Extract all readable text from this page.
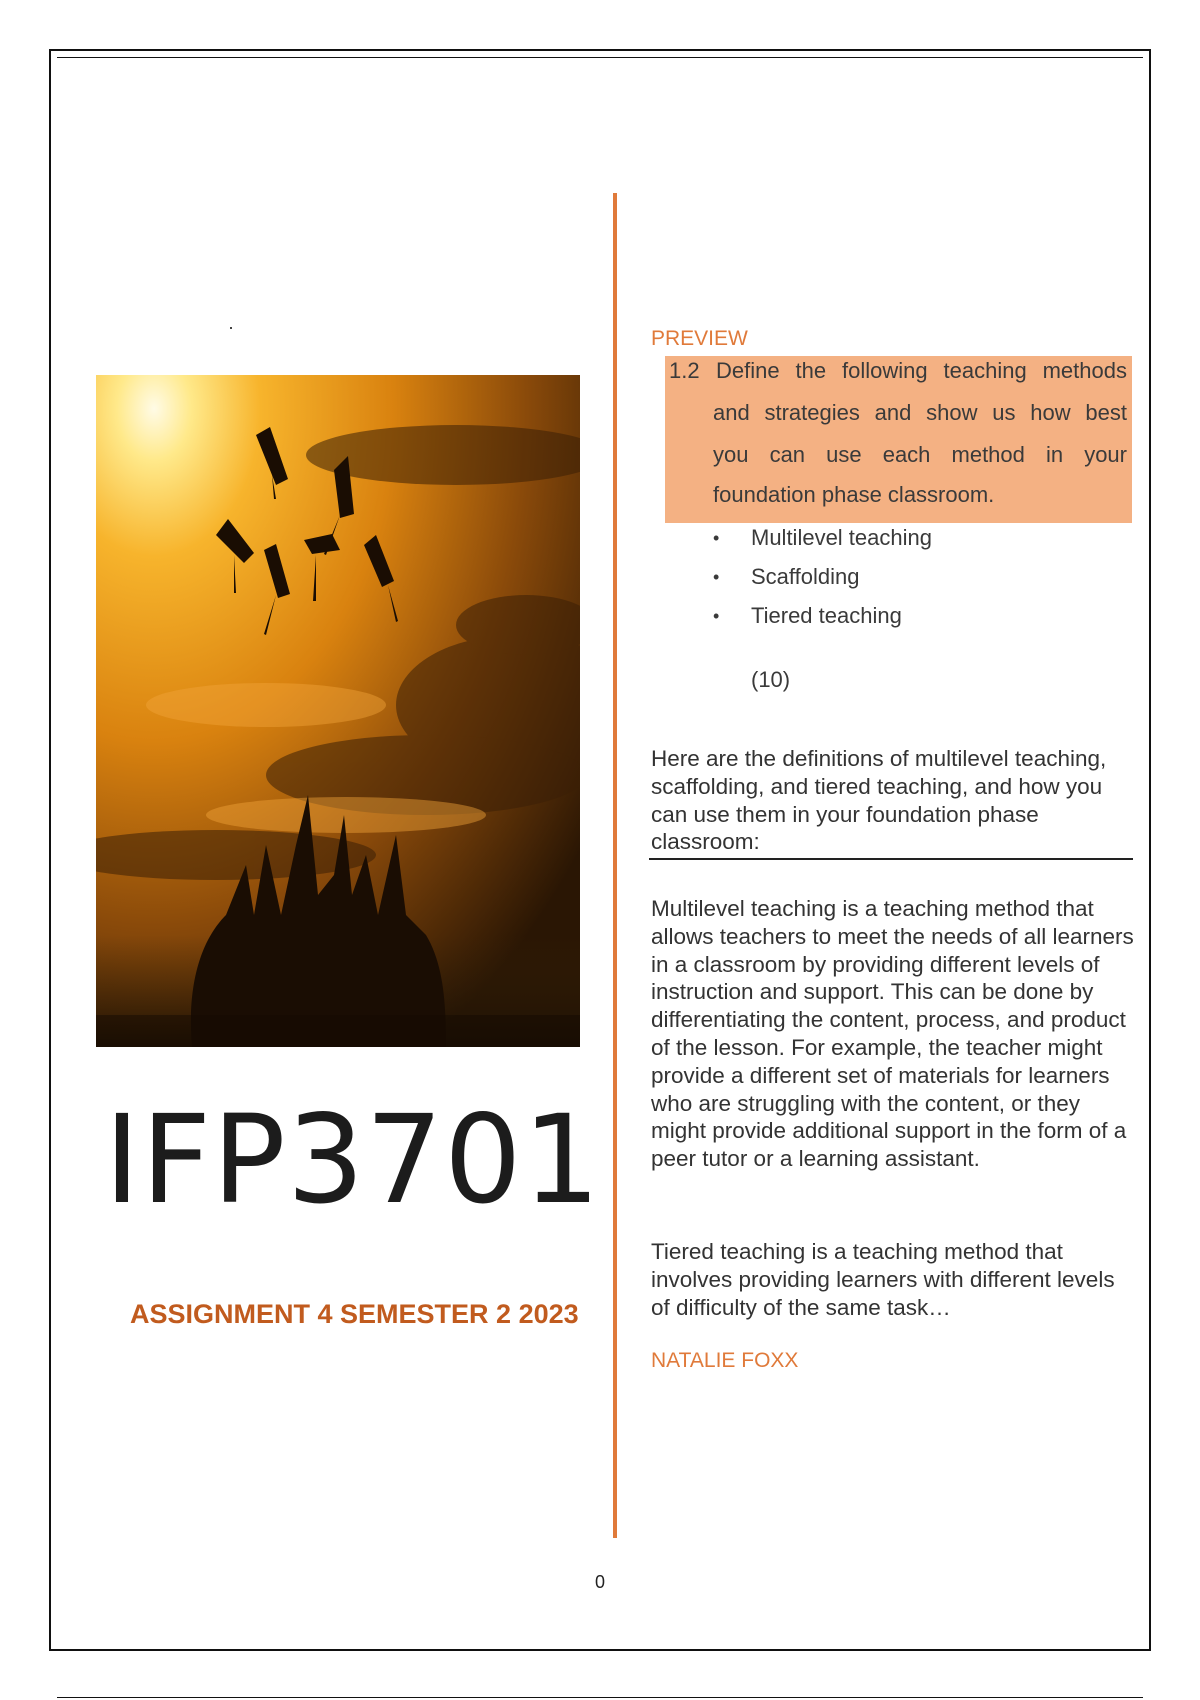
IFP3701
ASSIGNMENT 4 SEMESTER 2 2023
PREVIEW
1.2 Define the following teaching methods
and strategies and show us how best
you can use each method in your
foundation phase classroom.
• Multilevel teaching
• Scaffolding
• Tiered teaching
(10)
Here are the definitions of multilevel teaching, scaffolding, and tiered teaching, and how you can use them in your foundation phase classroom:
Multilevel teaching is a teaching method that allows teachers to meet the needs of all learners in a classroom by providing different levels of instruction and support. This can be done by differentiating the content, process, and product of the lesson. For example, the teacher might provide a different set of materials for learners who are struggling with the content, or they might provide additional support in the form of a peer tutor or a learning assistant.
Tiered teaching is a teaching method that involves providing learners with different levels of difficulty of the same task…
NATALIE FOXX
0
